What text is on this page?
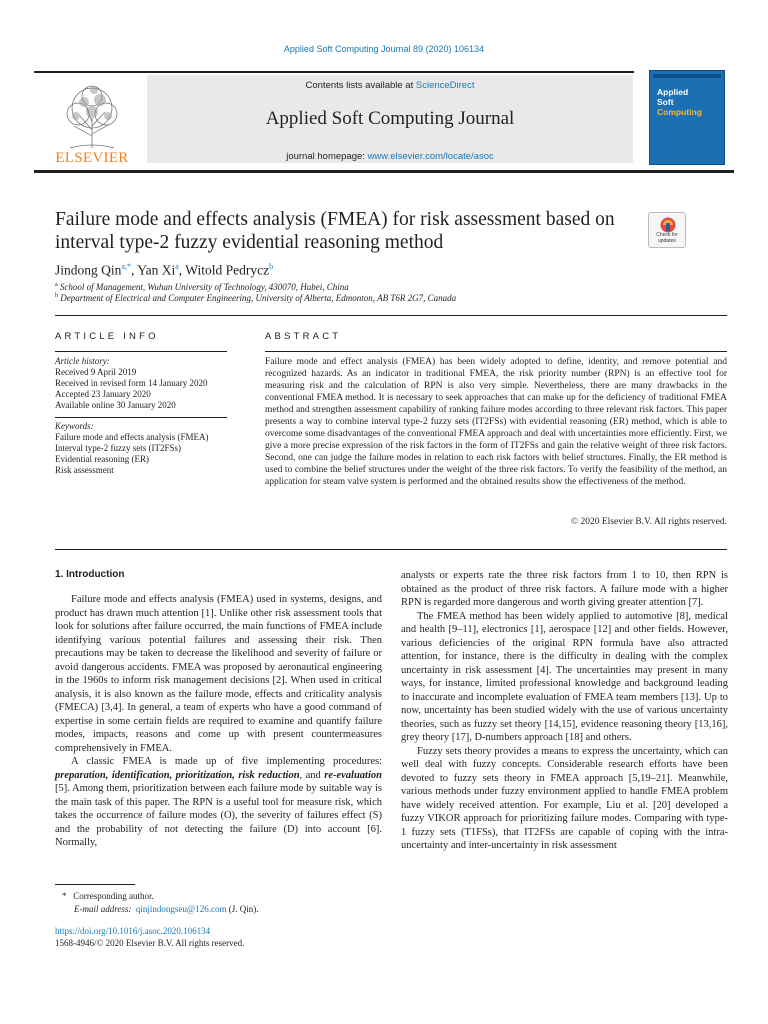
Applied Soft Computing Journal 89 (2020) 106134
ELSEVIER
Contents lists available at ScienceDirect
Applied Soft Computing Journal
journal homepage: www.elsevier.com/locate/asoc
Applied
Soft
Computing
Failure mode and effects analysis (FMEA) for risk assessment based on interval type-2 fuzzy evidential reasoning method	Check for updates
Jindong Qin$^{a,*}$, Yan Xi$^a$, Witold Pedrycz$^b$
$^a$ School of Management, Wuhan University of Technology, 430070, Hubei, China
$^b$ Department of Electrical and Computer Engineering, University of Alberta, Edmonton, AB T6R 2G7, Canada
ARTICLE INFO	ABSTRACT
Article history:
Received 9 April 2019
Received in revised form 14 January 2020
Accepted 23 January 2020
Available online 30 January 2020
Keywords:
Failure mode and effects analysis (FMEA)
Interval type-2 fuzzy sets (IT2FSs)
Evidential reasoning (ER)
Risk assessment
Failure mode and effect analysis (FMEA) has been widely adopted to define, identity, and remove potential and recognized hazards. As an indicator in traditional FMEA, the risk priority number (RPN) is an effective tool for measuring risk and the calculation of RPN is also very simple. Nevertheless, there are many drawbacks in the conventional FMEA method. It is necessary to seek approaches that can make up for the deficiency of traditional FMEA method and strengthen assessment capability of ranking failure modes according to three relevant risk factors. This paper presents a way to combine interval type-2 fuzzy sets (IT2FSs) with evidential reasoning (ER) method, which is able to overcome some disadvantages of the conventional FMEA approach and deal with uncertainties more efficiently. First, we give a more precise expression of the risk factors in the form of IT2FSs and gain the relative weight of three risk factors. Second, one can judge the failure modes in relation to each risk factors with belief structures. Finally, the ER method is used to combine the belief structures under the weight of the three risk factors. To verify the feasibility of the method, an application for steam valve system is performed and the obtained results show the effectiveness of the method.
© 2020 Elsevier B.V. All rights reserved.
1. Introduction

Failure mode and effects analysis (FMEA) used in systems, designs, and product has drawn much attention [1]. Unlike other risk assessment tools that look for solutions after failure occurred, the main functions of FMEA include identifying various potential failures and assessing their risk. Then precautions may be taken to decrease the likelihood and severity of failure or avoid dangerous accidents. FMEA was proposed by aeronautical engineering in the 1960s to inform risk management decisions [2]. When used in critical analysis, it is also known as the failure mode, effects and criticality analysis (FMECA) [3,4]. In general, a team of experts who have a good command of expertise in some certain fields are required to examine and quantify failure modes, impacts, reasons and come up with present countermeasures comprehensively in FMEA.

A classic FMEA is made up of five implementing procedures: preparation, identification, prioritization, risk reduction, and re-evaluation [5]. Among them, prioritization between each failure mode by suitable way is the main task of this paper. The RPN is a useful tool for measure risk, which takes the occurrence of failure modes (O), the severity of failures effect (S) and the probability of not detecting the failure (D) into account [6]. Normally,

analysts or experts rate the three risk factors from 1 to 10, then RPN is obtained as the product of three risk factors. A failure mode with a higher RPN is regarded more dangerous and worth giving greater attention [7].

The FMEA method has been widely applied to automotive [8], medical and health [9–11], electronics [1], aerospace [12] and other fields. However, various deficiencies of the original RPN formula have also attracted attention, for instance, there is the difficulty in dealing with the complex uncertainty in risk assessment [4]. The uncertainties may present in many ways, for instance, limited professional knowledge and background leading to inaccurate and incomplete evaluation of FMEA team members [13]. Up to now, uncertainty has been studied widely with the use of various uncertainty theories, such as fuzzy set theory [14,15], evidence reasoning theory [13,16], grey theory [17], D-numbers approach [18] and others.

Fuzzy sets theory provides a means to express the uncertainty, which can well deal with fuzzy concepts. Considerable research efforts have been devoted to fuzzy sets theory in FMEA approach [5,19–21]. Meanwhile, various methods under fuzzy environment applied to handle FMEA problem have widely received attention. For example, Liu et al. [20] developed a fuzzy VIKOR approach for prioritizing failure modes. Comparing with type-1 fuzzy sets (T1FSs), that IT2FSs are capable of coping with the intra-uncertainty and inter-uncertainty in risk assessment

* Corresponding author.
E-mail address: qinjindongseu@126.com (J. Qin).
https://doi.org/10.1016/j.asoc.2020.106134
1568-4946/© 2020 Elsevier B.V. All rights reserved.
